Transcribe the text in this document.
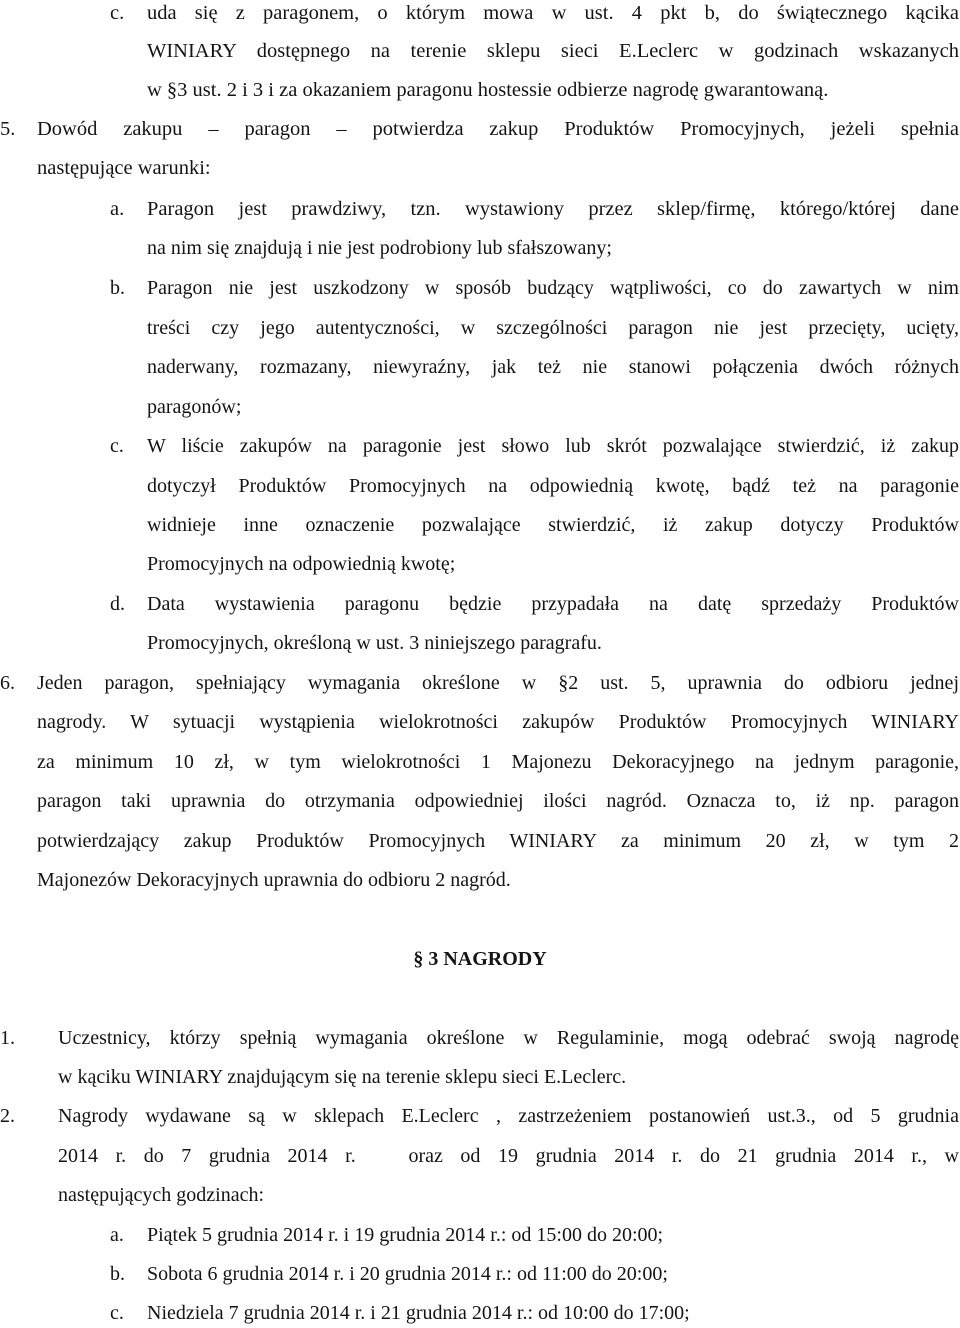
c. uda się z paragonem, o którym mowa w ust. 4 pkt b, do świątecznego kącika
WINIARY dostępnego na terenie sklepu sieci E.Leclerc w godzinach wskazanych
w §3 ust. 2 i 3 i za okazaniem paragonu hostessie odbierze nagrodę gwarantowaną.
5. Dowód zakupu – paragon – potwierdza zakup Produktów Promocyjnych, jeżeli spełnia
następujące warunki:
a. Paragon jest prawdziwy, tzn. wystawiony przez sklep/firmę, którego/której dane
na nim się znajdują i nie jest podrobiony lub sfałszowany;
b. Paragon nie jest uszkodzony w sposób budzący wątpliwości, co do zawartych w nim
treści czy jego autentyczności, w szczególności paragon nie jest przecięty, ucięty,
naderwany, rozmazany, niewyraźny, jak też nie stanowi połączenia dwóch różnych
paragonów;
c. W liście zakupów na paragonie jest słowo lub skrót pozwalające stwierdzić, iż zakup
dotyczył Produktów Promocyjnych na odpowiednią kwotę, bądź też na paragonie
widnieje inne oznaczenie pozwalające stwierdzić, iż zakup dotyczy Produktów
Promocyjnych na odpowiednią kwotę;
d. Data wystawienia paragonu będzie przypadała na datę sprzedaży Produktów
Promocyjnych, określoną w ust. 3 niniejszego paragrafu.
6. Jeden paragon, spełniający wymagania określone w §2 ust. 5, uprawnia do odbioru jednej
nagrody. W sytuacji wystąpienia wielokrotności zakupów Produktów Promocyjnych WINIARY
za minimum 10 zł, w tym wielokrotności 1 Majonezu Dekoracyjnego na jednym paragonie,
paragon taki uprawnia do otrzymania odpowiedniej ilości nagród. Oznacza to, iż np. paragon
potwierdzający zakup Produktów Promocyjnych WINIARY za minimum 20 zł, w tym 2
Majonezów Dekoracyjnych uprawnia do odbioru 2 nagród.
§ 3 NAGRODY
1. Uczestnicy, którzy spełnią wymagania określone w Regulaminie, mogą odebrać swoją nagrodę
w kąciku WINIARY znajdującym się na terenie sklepu sieci E.Leclerc.
2. Nagrody wydawane są w sklepach E.Leclerc , zastrzeżeniem postanowień ust.3., od 5 grudnia
2014 r. do 7 grudnia 2014 r.   oraz od 19 grudnia 2014 r. do 21 grudnia 2014 r., w
następujących godzinach:
a. Piątek 5 grudnia 2014 r. i 19 grudnia 2014 r.: od 15:00 do 20:00;
b. Sobota 6 grudnia 2014 r. i 20 grudnia 2014 r.: od 11:00 do 20:00;
c. Niedziela 7 grudnia 2014 r. i 21 grudnia 2014 r.: od 10:00 do 17:00;
